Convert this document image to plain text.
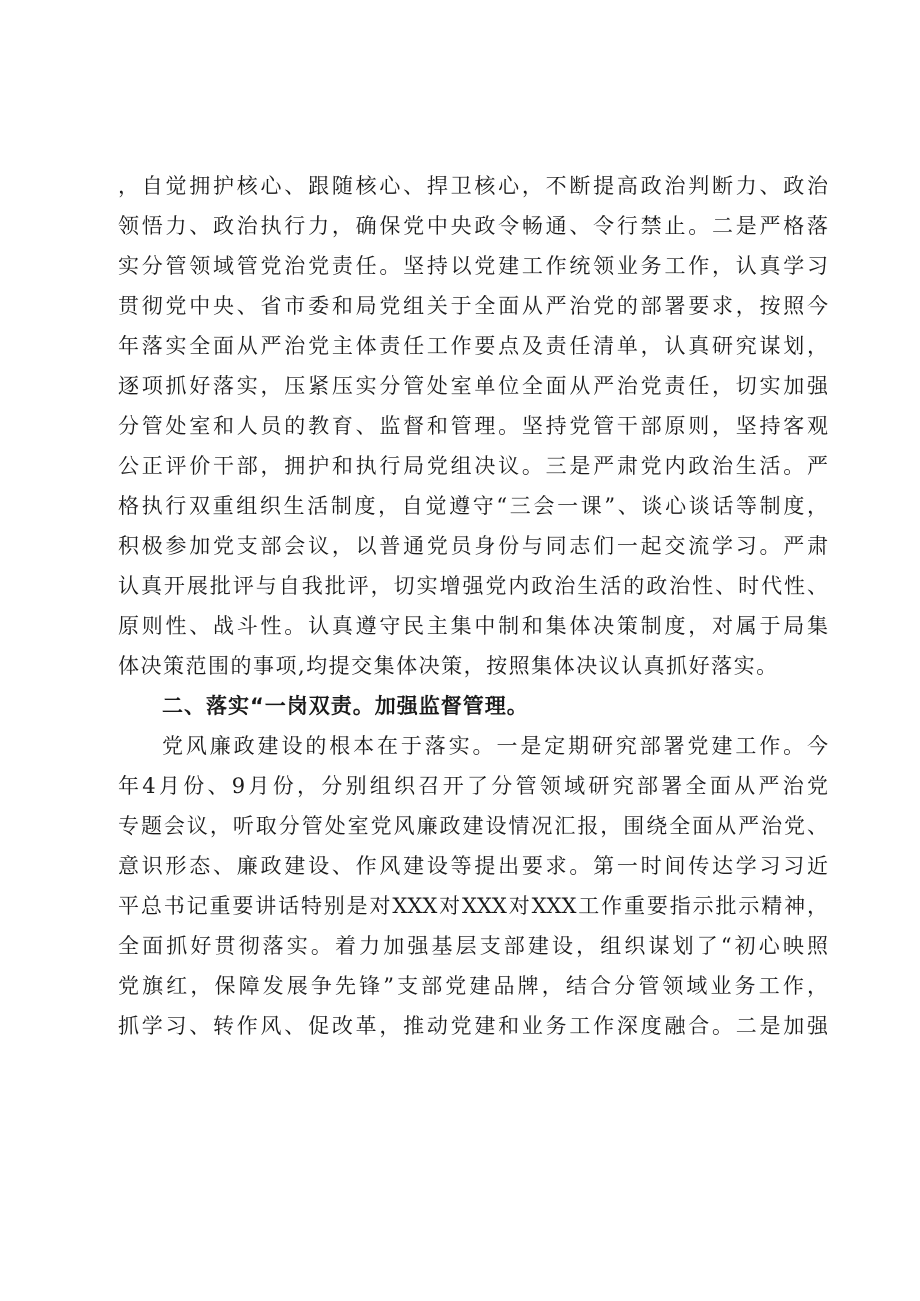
，自觉拥护核心、跟随核心、捍卫核心，不断提高政治判断力、政治
领悟力、政治执行力，确保党中央政令畅通、令行禁止。二是严格落
实分管领域管党治党责任。坚持以党建工作统领业务工作，认真学习
贯彻党中央、省市委和局党组关于全面从严治党的部署要求，按照今
年落实全面从严治党主体责任工作要点及责任清单，认真研究谋划，
逐项抓好落实，压紧压实分管处室单位全面从严治党责任，切实加强
分管处室和人员的教育、监督和管理。坚持党管干部原则，坚持客观
公正评价干部，拥护和执行局党组决议。三是严肃党内政治生活。严
格执行双重组织生活制度，自觉遵守“三会一课”、谈心谈话等制度，
积极参加党支部会议，以普通党员身份与同志们一起交流学习。严肃
认真开展批评与自我批评，切实增强党内政治生活的政治性、时代性、
原则性、战斗性。认真遵守民主集中制和集体决策制度，对属于局集
体决策范围的事项,均提交集体决策，按照集体决议认真抓好落实。
二、落实“一岗双责。加强监督管理。
党风廉政建设的根本在于落实。一是定期研究部署党建工作。今
年4月份、9月份，分别组织召开了分管领域研究部署全面从严治党
专题会议，听取分管处室党风廉政建设情况汇报，围绕全面从严治党、
意识形态、廉政建设、作风建设等提出要求。第一时间传达学习习近
平总书记重要讲话特别是对XXX对XXX对XXX工作重要指示批示精神，
全面抓好贯彻落实。着力加强基层支部建设，组织谋划了“初心映照
党旗红，保障发展争先锋”支部党建品牌，结合分管领域业务工作，
抓学习、转作风、促改革，推动党建和业务工作深度融合。二是加强
